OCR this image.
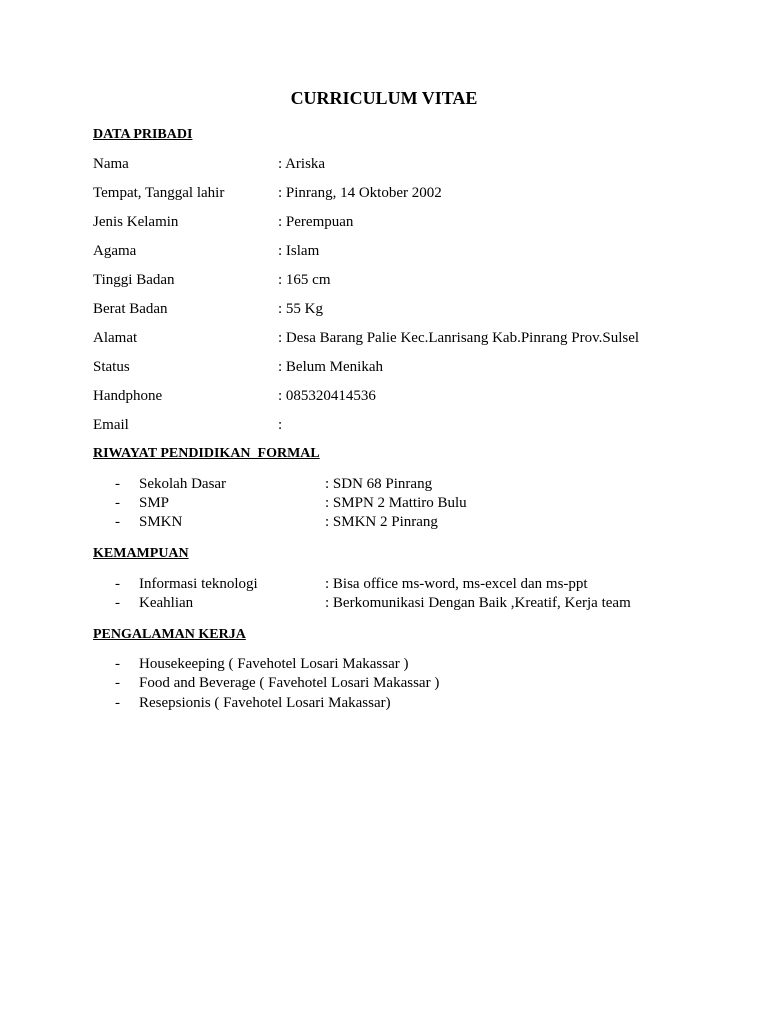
CURRICULUM VITAE
DATA PRIBADI
Nama	: Ariska
Tempat, Tanggal lahir	: Pinrang, 14 Oktober 2002
Jenis Kelamin	: Perempuan
Agama	: Islam
Tinggi Badan	: 165 cm
Berat Badan	: 55 Kg
Alamat	: Desa Barang Palie Kec.Lanrisang Kab.Pinrang Prov.Sulsel
Status	: Belum Menikah
Handphone	: 085320414536
Email	:
RIWAYAT PENDIDIKAN  FORMAL
- Sekolah Dasar	: SDN 68 Pinrang
- SMP	: SMPN 2 Mattiro Bulu
- SMKN	: SMKN 2 Pinrang
KEMAMPUAN
- Informasi teknologi	: Bisa office ms-word, ms-excel dan ms-ppt
- Keahlian	: Berkomunikasi Dengan Baik ,Kreatif, Kerja team
PENGALAMAN KERJA
- Housekeeping ( Favehotel Losari Makassar )
- Food and Beverage ( Favehotel Losari Makassar )
- Resepsionis ( Favehotel Losari Makassar)
